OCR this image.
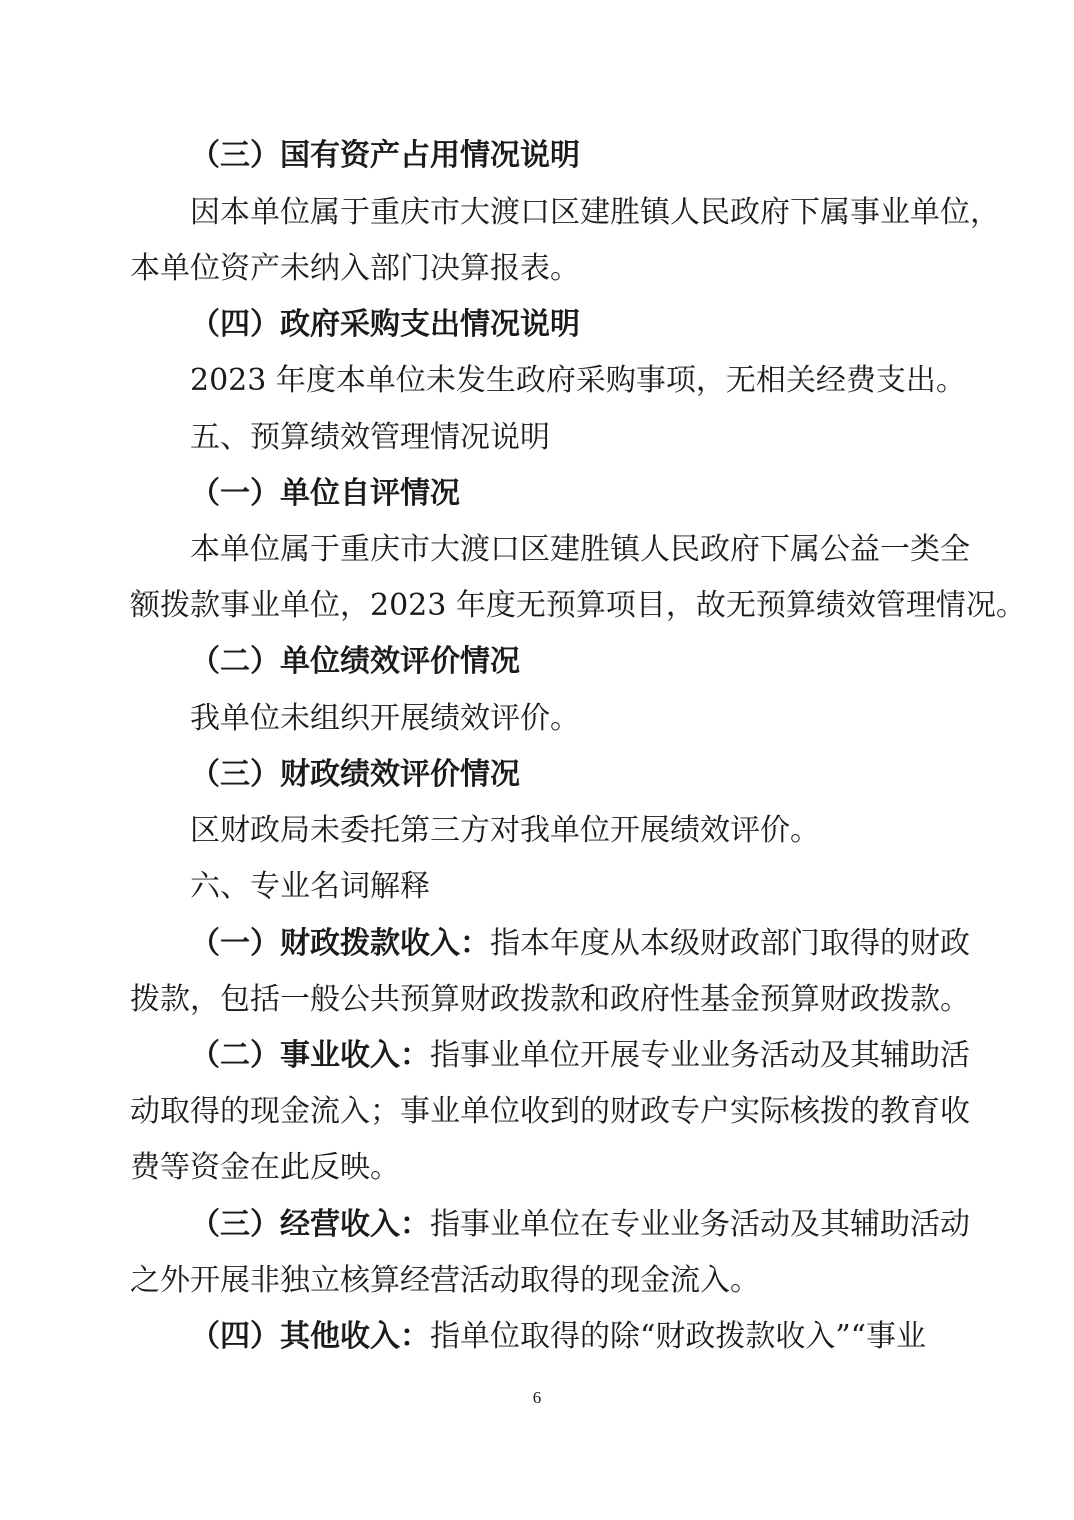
（三）国有资产占用情况说明

因本单位属于重庆市大渡口区建胜镇人民政府下属事业单位，

本单位资产未纳入部门决算报表。

（四）政府采购支出情况说明

2023 年度本单位未发生政府采购事项，无相关经费支出。

五、预算绩效管理情况说明

（一）单位自评情况

本单位属于重庆市大渡口区建胜镇人民政府下属公益一类全

额拨款事业单位，2023 年度无预算项目，故无预算绩效管理情况。

（二）单位绩效评价情况

我单位未组织开展绩效评价。

（三）财政绩效评价情况

区财政局未委托第三方对我单位开展绩效评价。

六、专业名词解释

（一）财政拨款收入：指本年度从本级财政部门取得的财政

拨款，包括一般公共预算财政拨款和政府性基金预算财政拨款。

（二）事业收入：指事业单位开展专业业务活动及其辅助活

动取得的现金流入；事业单位收到的财政专户实际核拨的教育收

费等资金在此反映。

（三）经营收入：指事业单位在专业业务活动及其辅助活动

之外开展非独立核算经营活动取得的现金流入。

（四）其他收入：指单位取得的除“财政拨款收入”“事业

6
